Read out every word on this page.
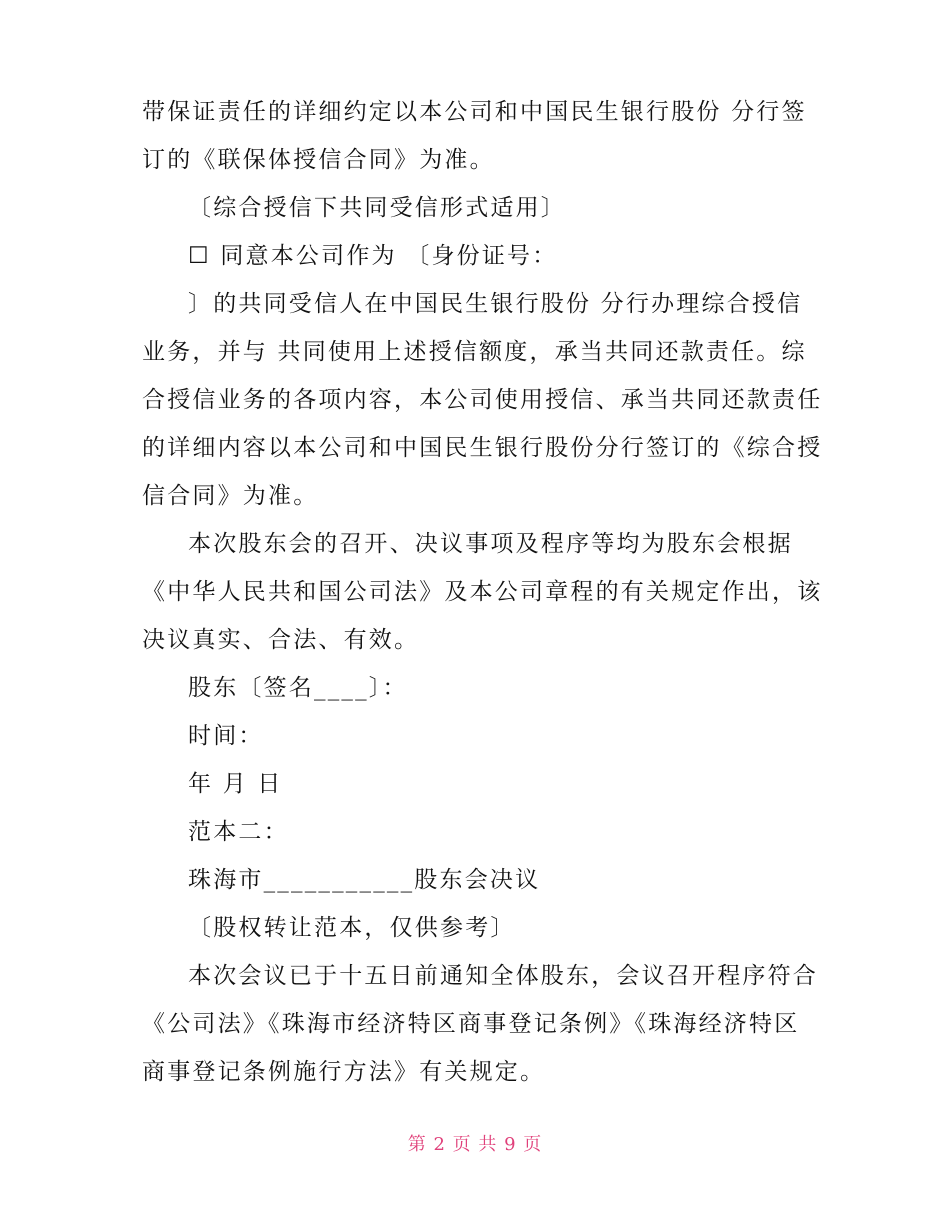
带保证责任的详细约定以本公司和中国民生银行股份 分行签
订的《联保体授信合同》为准。
〔综合授信下共同受信形式适用〕
☐ 同意本公司作为 〔身份证号：
〕的共同受信人在中国民生银行股份 分行办理综合授信
业务，并与 共同使用上述授信额度，承当共同还款责任。综
合授信业务的各项内容，本公司使用授信、承当共同还款责任
的详细内容以本公司和中国民生银行股份分行签订的《综合授
信合同》为准。
本次股东会的召开、决议事项及程序等均为股东会根据
《中华人民共和国公司法》及本公司章程的有关规定作出，该
决议真实、合法、有效。
股东〔签名____〕：
时间：
年 月 日
范本二：
珠海市___________股东会决议
〔股权转让范本，仅供参考〕
本次会议已于十五日前通知全体股东，会议召开程序符合
《公司法》《珠海市经济特区商事登记条例》《珠海经济特区
商事登记条例施行方法》有关规定。
第 2 页 共 9 页
